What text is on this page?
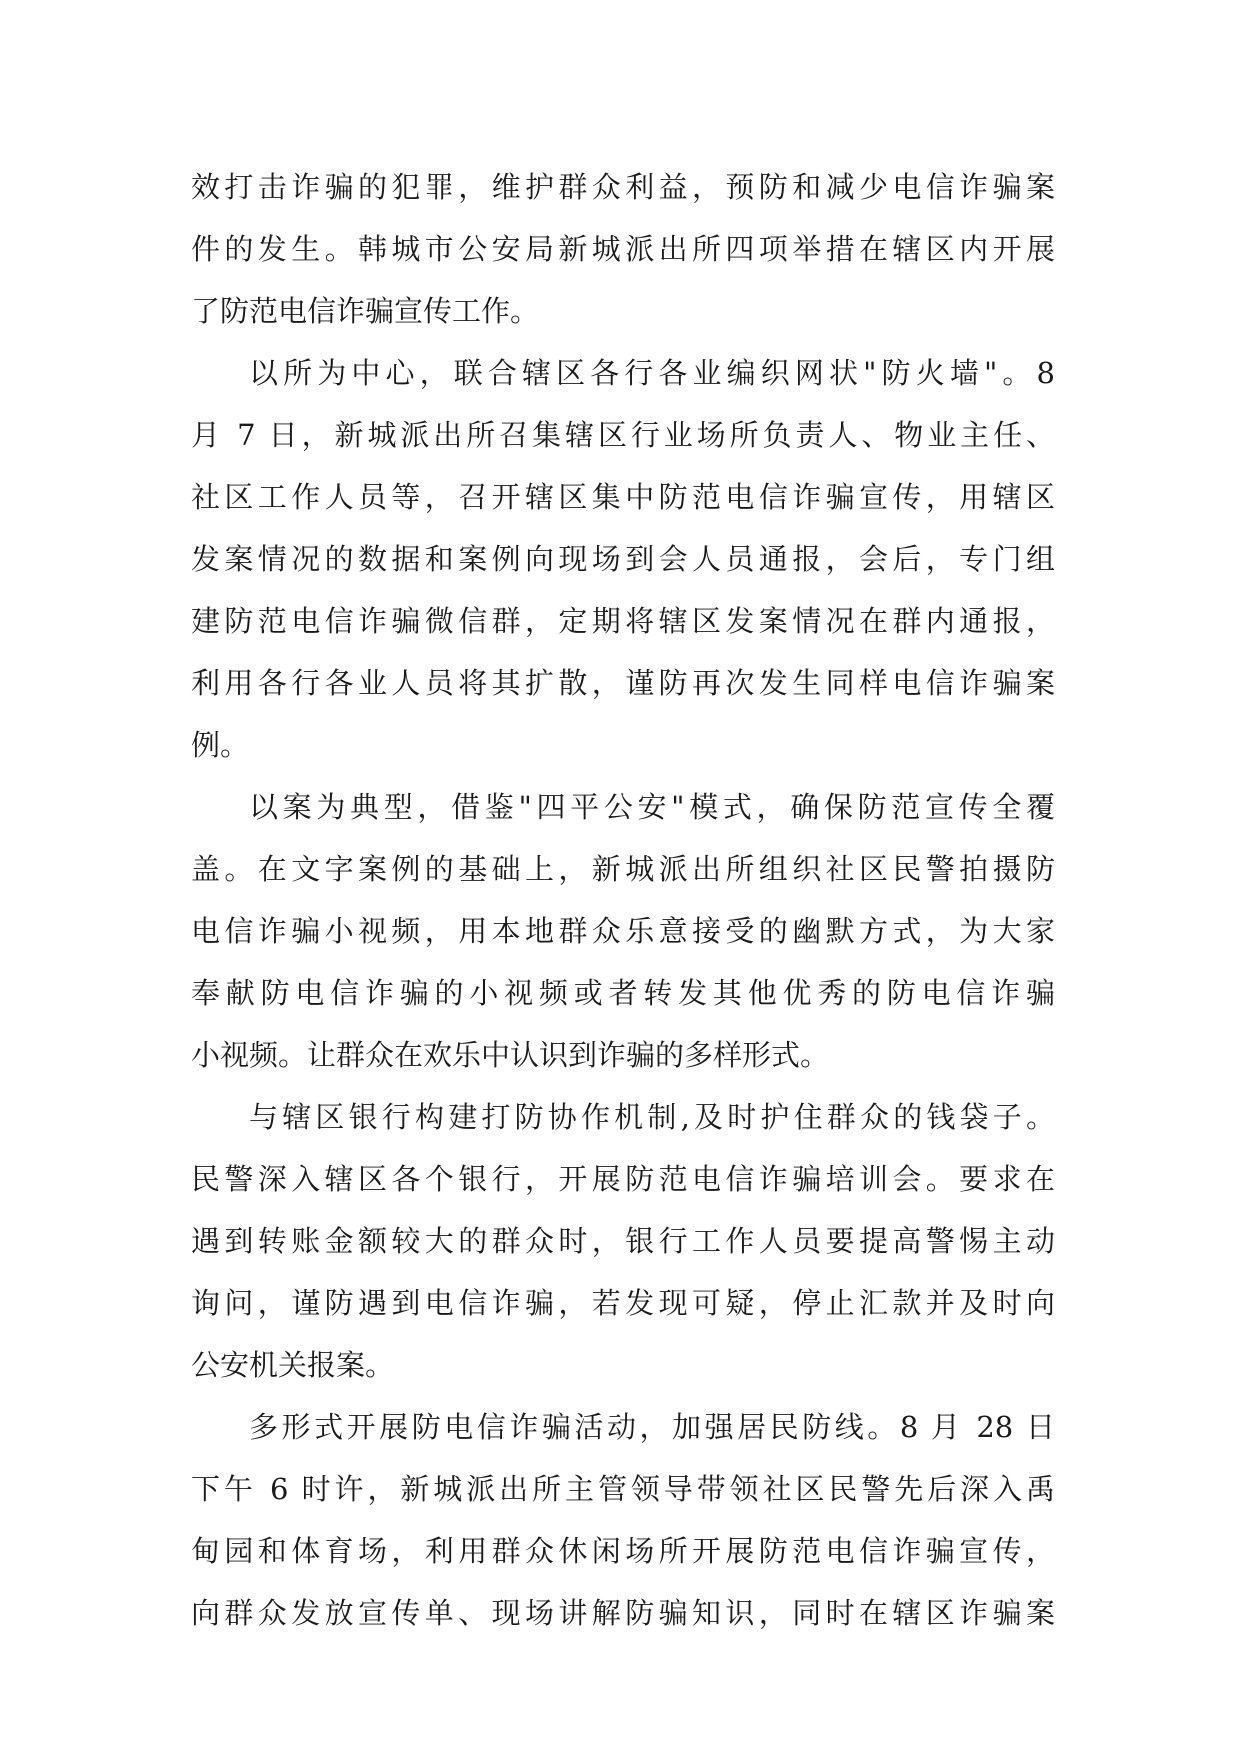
效打击诈骗的犯罪，维护群众利益，预防和减少电信诈骗案
件的发生。韩城市公安局新城派出所四项举措在辖区内开展
了防范电信诈骗宣传工作。
以所为中心，联合辖区各行各业编织网状"防火墙"。8
月 7 日，新城派出所召集辖区行业场所负责人、物业主任、
社区工作人员等，召开辖区集中防范电信诈骗宣传，用辖区
发案情况的数据和案例向现场到会人员通报，会后，专门组
建防范电信诈骗微信群，定期将辖区发案情况在群内通报，
利用各行各业人员将其扩散，谨防再次发生同样电信诈骗案
例。
以案为典型，借鉴"四平公安"模式，确保防范宣传全覆
盖。在文字案例的基础上，新城派出所组织社区民警拍摄防
电信诈骗小视频，用本地群众乐意接受的幽默方式，为大家
奉献防电信诈骗的小视频或者转发其他优秀的防电信诈骗
小视频。让群众在欢乐中认识到诈骗的多样形式。
与辖区银行构建打防协作机制,及时护住群众的钱袋子。
民警深入辖区各个银行，开展防范电信诈骗培训会。要求在
遇到转账金额较大的群众时，银行工作人员要提高警惕主动
询问，谨防遇到电信诈骗，若发现可疑，停止汇款并及时向
公安机关报案。
多形式开展防电信诈骗活动，加强居民防线。8 月 28 日
下午 6 时许，新城派出所主管领导带领社区民警先后深入禹
甸园和体育场，利用群众休闲场所开展防范电信诈骗宣传，
向群众发放宣传单、现场讲解防骗知识，同时在辖区诈骗案
